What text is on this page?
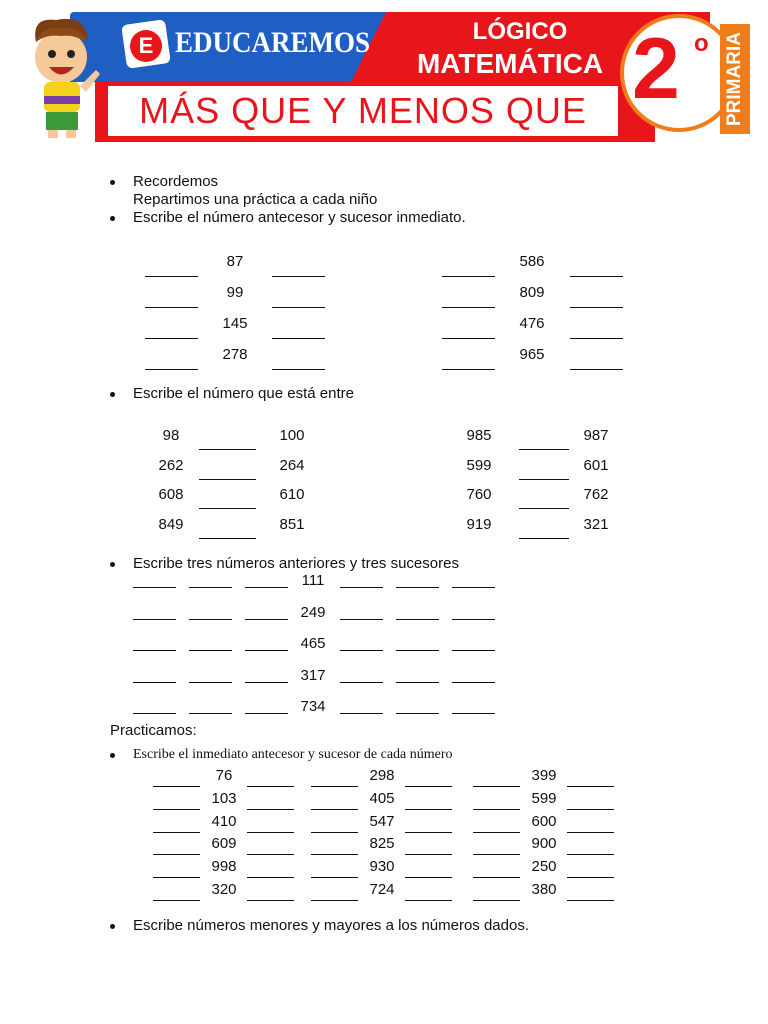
MÁS QUE Y MENOS QUE
E EDUCAREMOS	LÓGICO
MATEMÁTICA 2 o PRIMARIA
Recordemos
Repartimos una práctica a cada niño
Escribe el número antecesor y sucesor inmediato.
87	586
99	809
145	476
278	965
Escribe el número que está entre
98	100	985	987
262	264	599	601
608	610	760	762
849	851	919	321
Escribe tres números anteriores y tres sucesores
111
249
465
317
734
Practicamos:
Escribe el inmediato antecesor y sucesor de cada número
76	298	399
103	405	599
410	547	600
609	825	900
998	930	250
320	724	380
Escribe números menores y mayores a los números dados.
